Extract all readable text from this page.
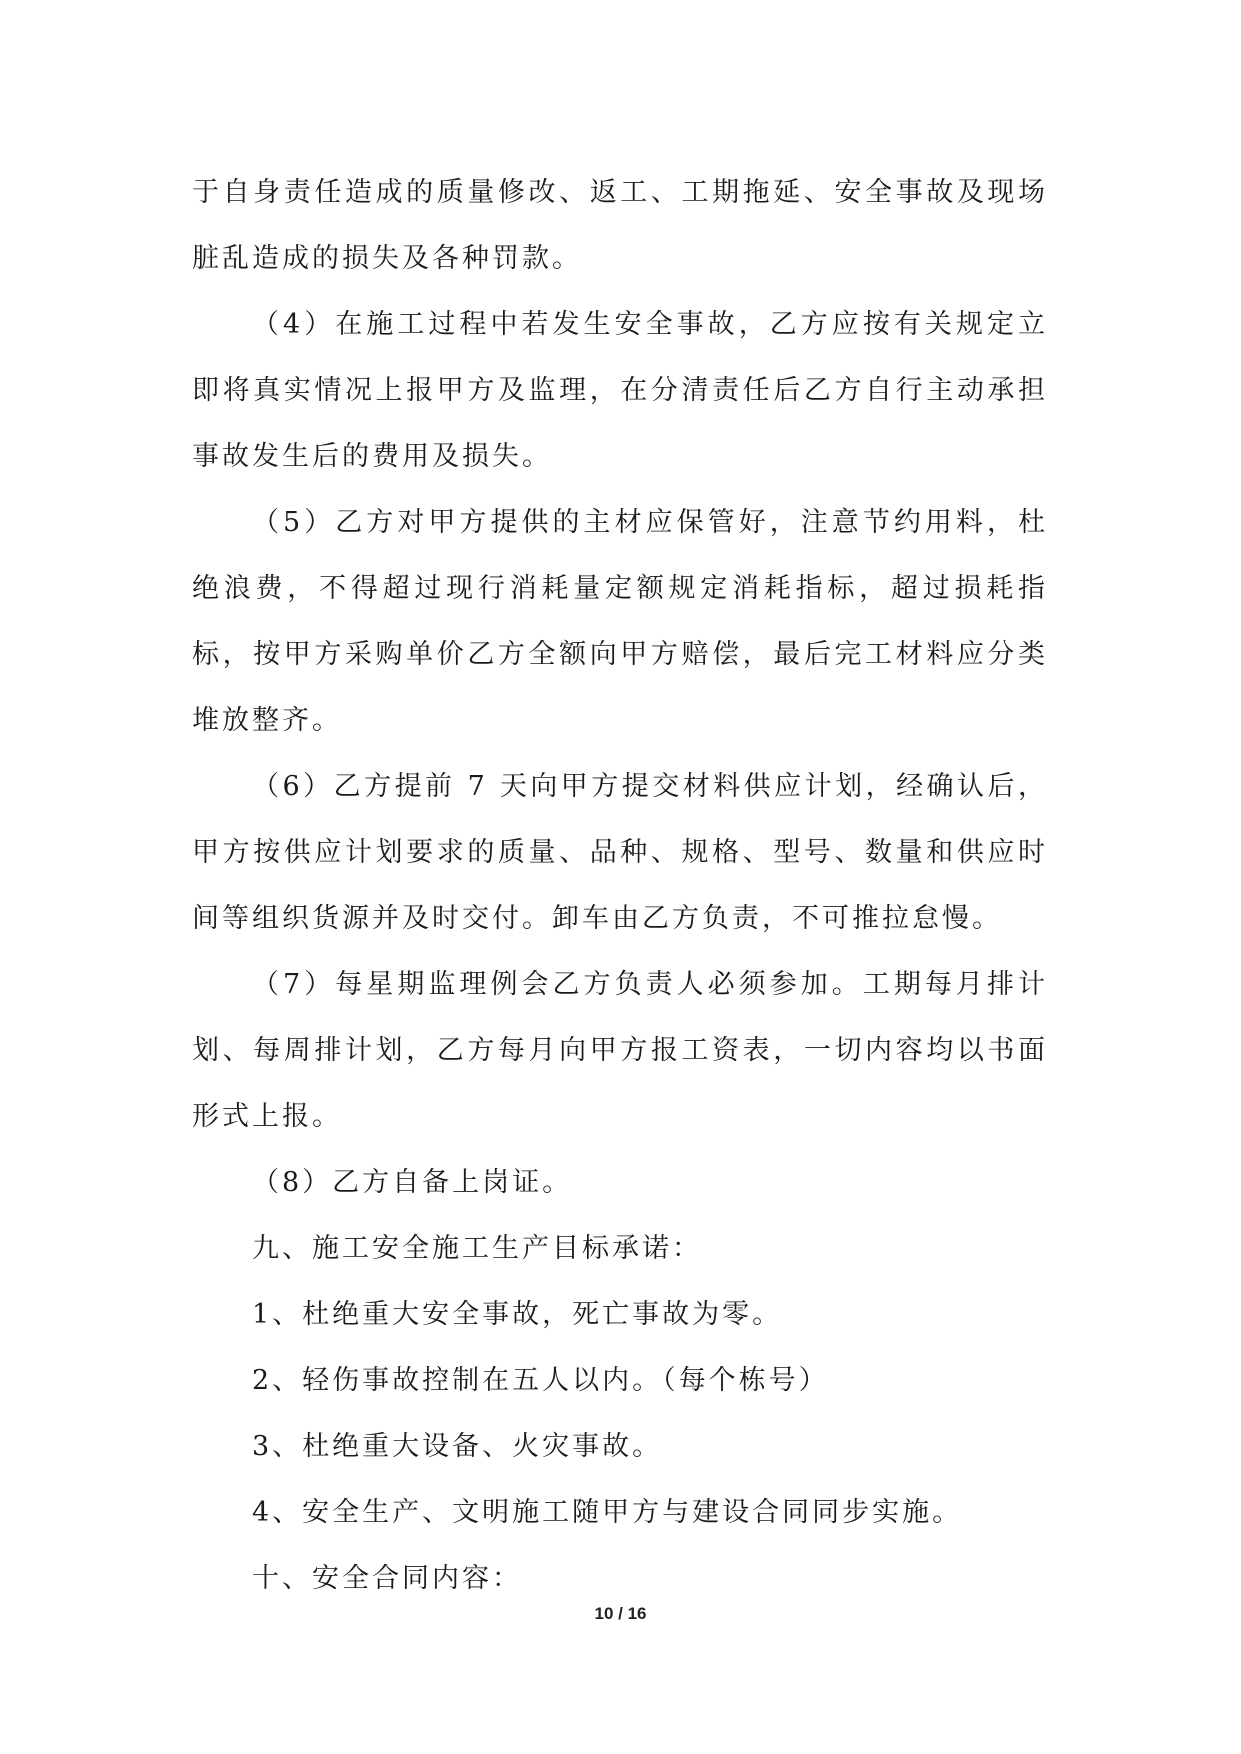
于自身责任造成的质量修改、返工、工期拖延、安全事故及现场脏乱造成的损失及各种罚款。

（4）在施工过程中若发生安全事故，乙方应按有关规定立即将真实情况上报甲方及监理，在分清责任后乙方自行主动承担事故发生后的费用及损失。

（5）乙方对甲方提供的主材应保管好，注意节约用料，杜绝浪费，不得超过现行消耗量定额规定消耗指标，超过损耗指标，按甲方采购单价乙方全额向甲方赔偿，最后完工材料应分类堆放整齐。

（6）乙方提前 7 天向甲方提交材料供应计划，经确认后，甲方按供应计划要求的质量、品种、规格、型号、数量和供应时间等组织货源并及时交付。卸车由乙方负责，不可推拉怠慢。

（7）每星期监理例会乙方负责人必须参加。工期每月排计划、每周排计划，乙方每月向甲方报工资表，一切内容均以书面形式上报。

（8）乙方自备上岗证。

九、施工安全施工生产目标承诺：

1、杜绝重大安全事故，死亡事故为零。

2、轻伤事故控制在五人以内。（每个栋号）

3、杜绝重大设备、火灾事故。

4、安全生产、文明施工随甲方与建设合同同步实施。

十、安全合同内容：

10 / 16
